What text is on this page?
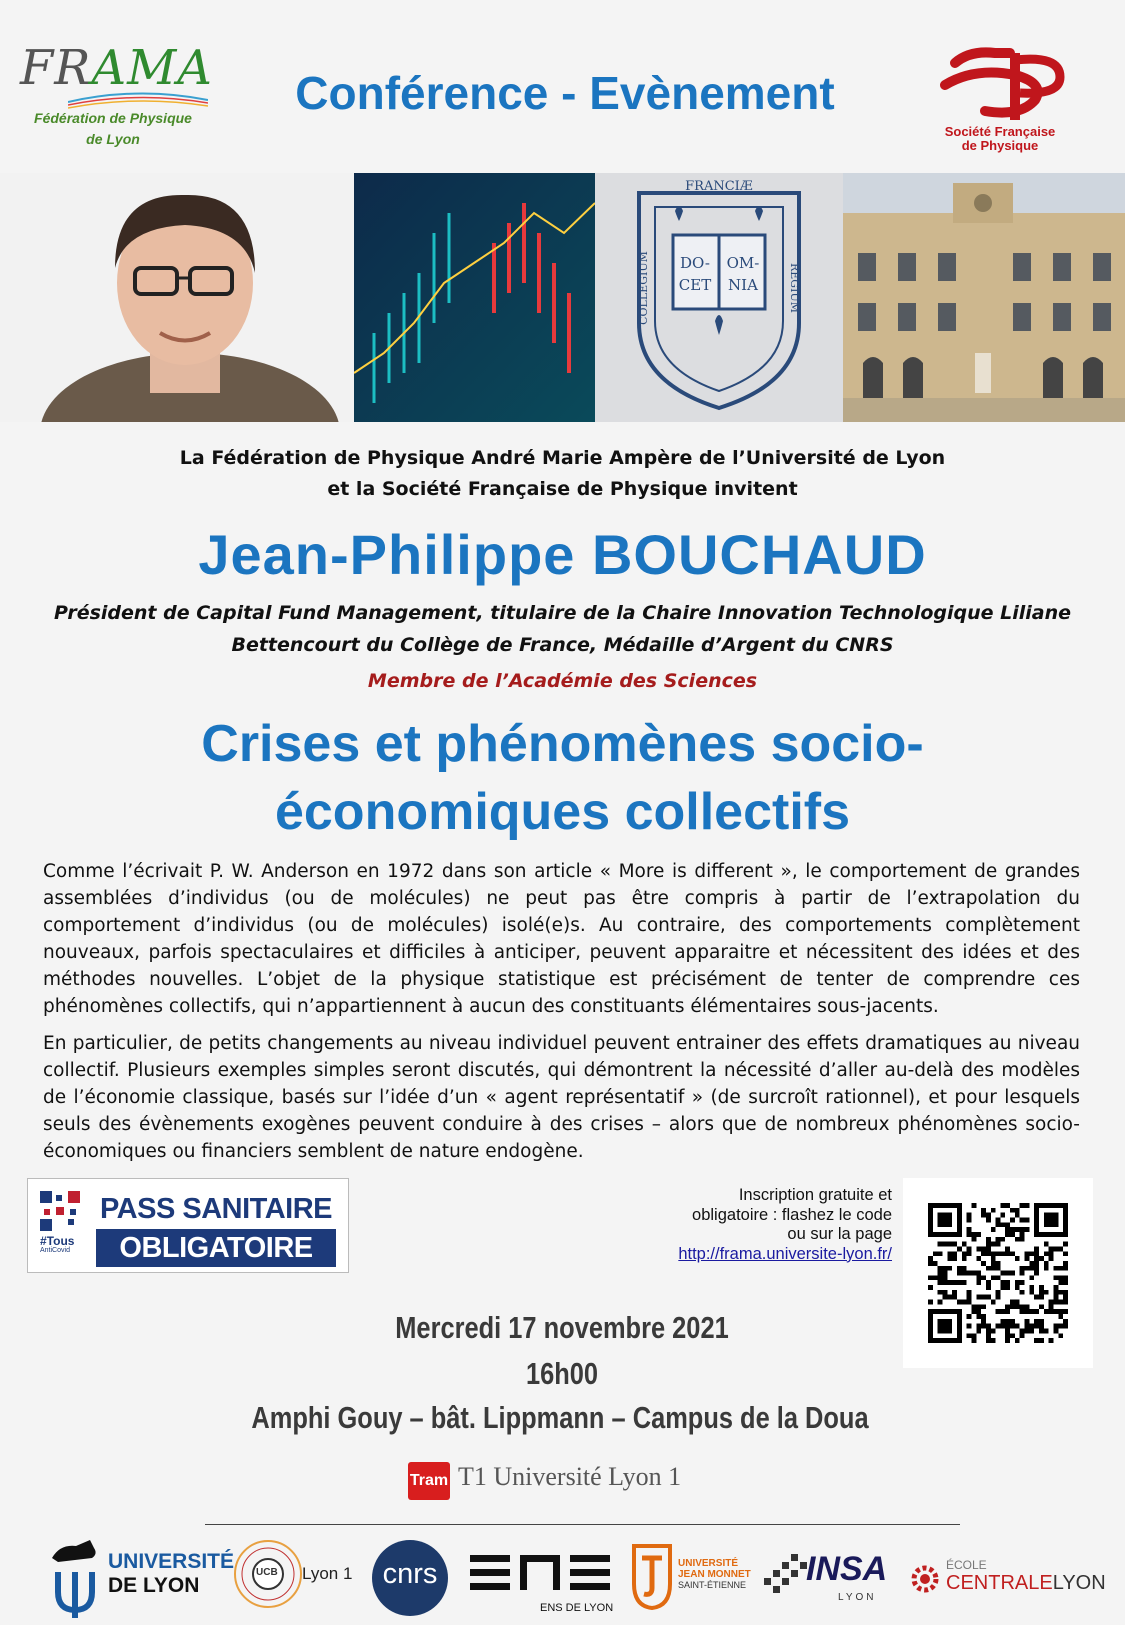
FRAMA
Fédération de Physique
de Lyon
Conférence - Evènement
Société Française
de Physique
FRANCIÆ
COLLEGIUM	REGIUM
DO-
CET
OM-
NIA
La Fédération de Physique André Marie Ampère de l’Université de Lyon
et la Société Française de Physique invitent
Jean-Philippe BOUCHAUD
Président de Capital Fund Management, titulaire de la Chaire Innovation Technologique Liliane
Bettencourt du Collège de France, Médaille d’Argent du CNRS
Membre de l’Académie des Sciences
Crises et phénomènes socio-
économiques collectifs

Comme l’écrivait P. W. Anderson en 1972 dans son article « More is different », le comportement de grandes assemblées d’individus (ou de molécules) ne peut pas être compris à partir de l’extrapolation du comportement d’individus (ou de molécules) isolé(e)s. Au contraire, des comportements complètement nouveaux, parfois spectaculaires et difficiles à anticiper, peuvent apparaitre et nécessitent des idées et des méthodes nouvelles. L’objet de la physique statistique est précisément de tenter de comprendre ces phénomènes collectifs, qui n’appartiennent à aucun des constituants élémentaires sous-jacents.

En particulier, de petits changements au niveau individuel peuvent entrainer des effets dramatiques au niveau collectif. Plusieurs exemples simples seront discutés, qui démontrent la nécessité d’aller au-delà des modèles de l’économie classique, basés sur l’idée d’un « agent représentatif » (de surcroît rationnel), et pour lesquels seuls des évènements exogènes peuvent conduire à des crises – alors que de nombreux phénomènes socio-économiques ou financiers semblent de nature endogène.

#Tous
AntiCovid
PASS SANITAIRE
OBLIGATOIRE
Inscription gratuite et
obligatoire : flashez le code
ou sur la page
http://frama.universite-lyon.fr/
Mercredi 17 novembre 2021
16h00
Amphi Gouy – bât. Lippmann – Campus de la Doua
Tram T1 Université Lyon 1
UNIVERSITÉ
DE LYON
UCB Lyon 1	cnrs
ENS DE LYON
UNIVERSITÉ
JEAN MONNET
SAINT-ÉTIENNE INSA
LYON
ÉCOLE
CENTRALELYON
